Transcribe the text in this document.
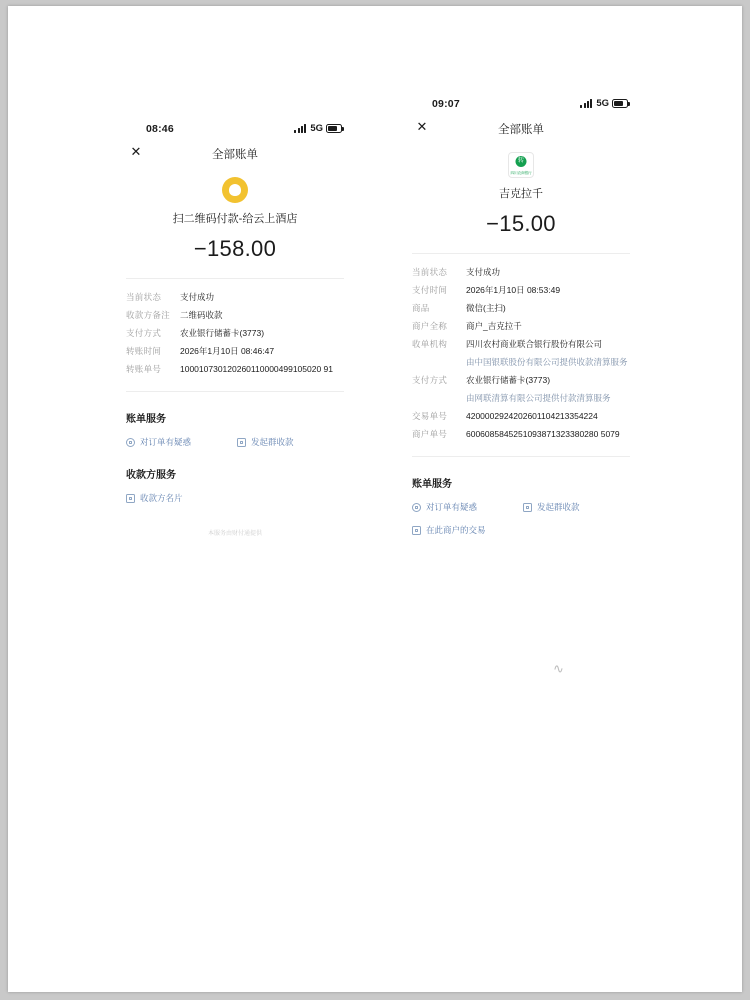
08:46	5G
✕	全部账单
扫二维码付款-给云上酒店
−158.00
当前状态	支付成功
收款方备注	二维码收款
支付方式	农业银行储蓄卡(3773)
转账时间	2026年1月10日 08:46:47
转账单号	100010730120260110000499105020 91
账单服务
对订单有疑惑	发起群收款
收款方服务
收款方名片
本服务由财付通提供
09:07	5G
✕	全部账单
转
四川农商银行
吉克拉千
−15.00
当前状态	支付成功
支付时间	2026年1月10日 08:53:49
商品	微信(主扫)
商户全称	商户_吉克拉千
收单机构	四川农村商业联合银行股份有限公司
由中国银联股份有限公司提供收款清算服务
支付方式	农业银行储蓄卡(3773)
由网联清算有限公司提供付款清算服务
交易单号	4200002924202601104213354224
商户单号	6006085845251093871323380280 5079
账单服务
对订单有疑惑	发起群收款
在此商户的交易
∿
